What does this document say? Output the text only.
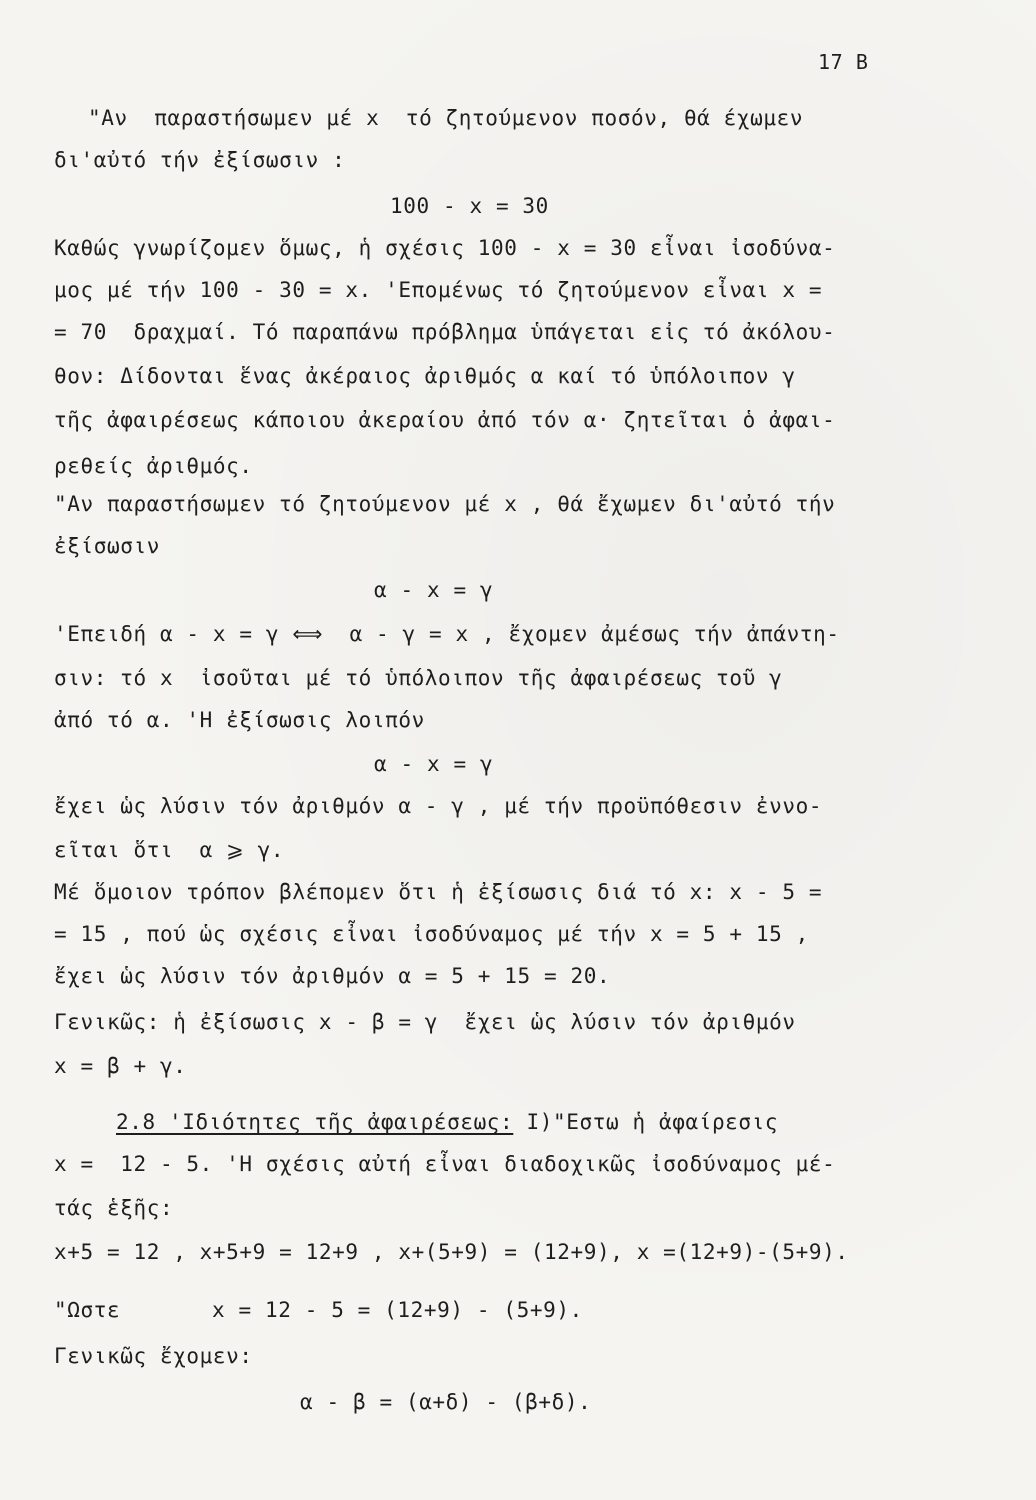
17 B
"Αν  παραστήσωμεν μέ x  τό ζητούμενον ποσόν, θά έχωμεν
δι'αὐτό τήν ἐξίσωσιν :
100 - x = 30
Καθώς γνωρίζομεν ὅμως, ἡ σχέσις 100 - x = 30 εἶναι ἰσοδύνα-
μος μέ τήν 100 - 30 = x. 'Επομένως τό ζητούμενον εἶναι x =
= 70  δραχμαί. Τό παραπάνω πρόβλημα ὑπάγεται εἰς τό ἀκόλου-
θον: Δίδονται ἕνας ἀκέραιος ἀριθμός α καί τό ὑπόλοιπον γ
τῆς ἀφαιρέσεως κάποιου ἀκεραίου ἀπό τόν α· ζητεῖται ὁ ἀφαι-
ρεθείς ἀριθμός.
"Αν παραστήσωμεν τό ζητούμενον μέ x , θά ἔχωμεν δι'αὐτό τήν
ἐξίσωσιν
α - x = γ
'Επειδή α - x = γ ⟺  α - γ = x , ἔχομεν ἀμέσως τήν ἀπάντη-
σιν: τό x  ἰσοῦται μέ τό ὑπόλοιπον τῆς ἀφαιρέσεως τοῦ γ
ἀπό τό α. 'Η ἐξίσωσις λοιπόν
α - x = γ
ἔχει ὡς λύσιν τόν ἀριθμόν α - γ , μέ τήν προϋπόθεσιν ἐννο-
εῖται ὅτι  α ⩾ γ.
Μέ ὅμοιον τρόπον βλέπομεν ὅτι ἡ ἐξίσωσις διά τό x: x - 5 =
= 15 , πού ὡς σχέσις εἶναι ἰσοδύναμος μέ τήν x = 5 + 15 ,
ἔχει ὡς λύσιν τόν ἀριθμόν α = 5 + 15 = 20.
Γενικῶς: ἡ ἐξίσωσις x - β = γ  ἔχει ὡς λύσιν τόν ἀριθμόν
x = β + γ.
2.8 'Ιδιότητες τῆς ἀφαιρέσεως: Ι)"Εστω ἡ ἀφαίρεσις
x =  12 - 5. 'Η σχέσις αὐτή εἶναι διαδοχικῶς ἰσοδύναμος μέ-
τάς ἑξῆς:
x+5 = 12 , x+5+9 = 12+9 , x+(5+9) = (12+9), x =(12+9)-(5+9).
"Ωστε	x = 12 - 5 = (12+9) - (5+9).
Γενικῶς ἔχομεν:
α - β = (α+δ) - (β+δ).
